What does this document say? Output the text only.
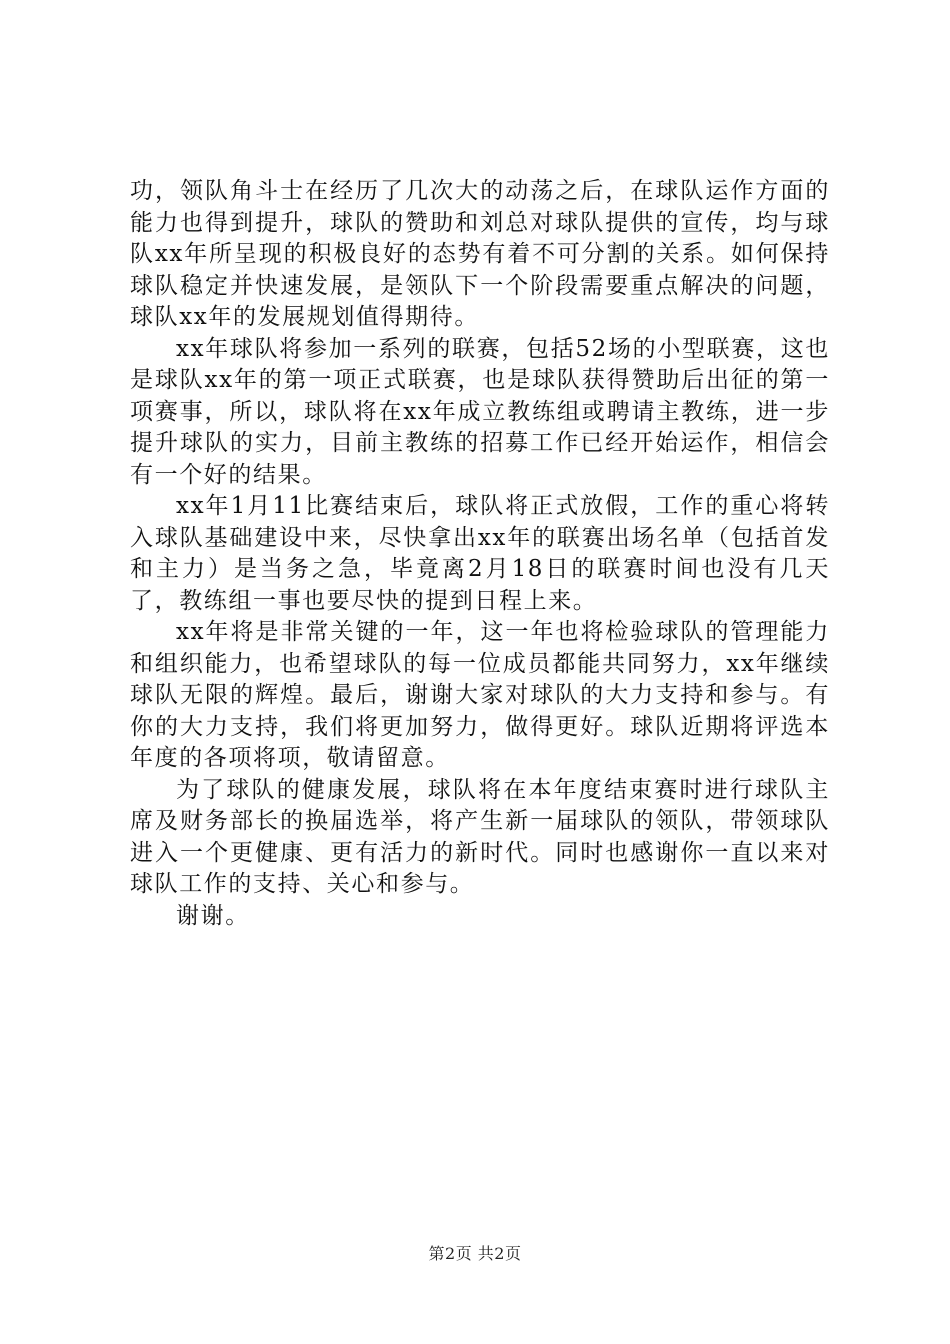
功，领队角斗士在经历了几次大的动荡之后，在球队运作方面的能力也得到提升，球队的赞助和刘总对球队提供的宣传，均与球队xx年所呈现的积极良好的态势有着不可分割的关系。如何保持球队稳定并快速发展，是领队下一个阶段需要重点解决的问题，球队xx年的发展规划值得期待。

xx年球队将参加一系列的联赛，包括52场的小型联赛，这也是球队xx年的第一项正式联赛，也是球队获得赞助后出征的第一项赛事，所以，球队将在xx年成立教练组或聘请主教练，进一步提升球队的实力，目前主教练的招募工作已经开始运作，相信会有一个好的结果。

xx年1月11比赛结束后，球队将正式放假，工作的重心将转入球队基础建设中来，尽快拿出xx年的联赛出场名单（包括首发和主力）是当务之急，毕竟离2月18日的联赛时间也没有几天了，教练组一事也要尽快的提到日程上来。

xx年将是非常关键的一年，这一年也将检验球队的管理能力和组织能力，也希望球队的每一位成员都能共同努力，xx年继续球队无限的辉煌。最后，谢谢大家对球队的大力支持和参与。有你的大力支持，我们将更加努力，做得更好。球队近期将评选本年度的各项将项，敬请留意。

为了球队的健康发展，球队将在本年度结束赛时进行球队主席及财务部长的换届选举，将产生新一届球队的领队，带领球队进入一个更健康、更有活力的新时代。同时也感谢你一直以来对球队工作的支持、关心和参与。

谢谢。

第2页 共2页
